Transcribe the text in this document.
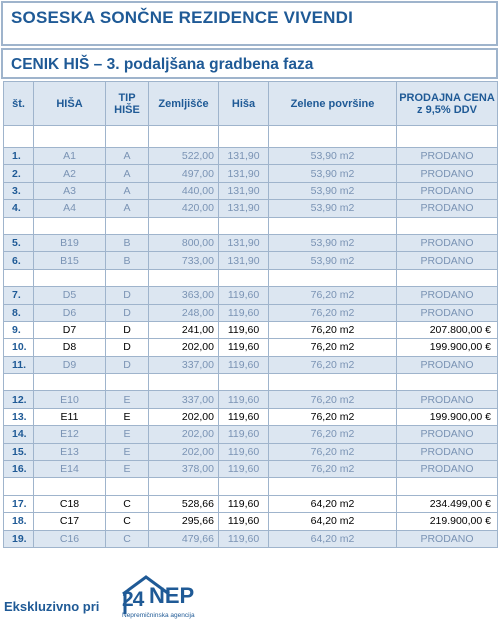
SOSESKA SONČNE REZIDENCE VIVENDI
CENIK HIŠ – 3. podaljšana gradbena faza
št.	HIŠA	TIP HIŠE	Zemljišče	Hiša	Zelene površine	PRODAJNA CENA z 9,5% DDV

1.	A1	A	522,00	131,90	53,90 m2	PRODANO
2.	A2	A	497,00	131,90	53,90 m2	PRODANO
3.	A3	A	440,00	131,90	53,90 m2	PRODANO
4.	A4	A	420,00	131,90	53,90 m2	PRODANO

5.	B19	B	800,00	131,90	53,90 m2	PRODANO
6.	B15	B	733,00	131,90	53,90 m2	PRODANO

7.	D5	D	363,00	119,60	76,20 m2	PRODANO
8.	D6	D	248,00	119,60	76,20 m2	PRODANO
9.	D7	D	241,00	119,60	76,20 m2	207.800,00 €
10.	D8	D	202,00	119,60	76,20 m2	199.900,00 €
11.	D9	D	337,00	119,60	76,20 m2	PRODANO

12.	E10	E	337,00	119,60	76,20 m2	PRODANO
13.	E11	E	202,00	119,60	76,20 m2	199.900,00 €
14.	E12	E	202,00	119,60	76,20 m2	PRODANO
15.	E13	E	202,00	119,60	76,20 m2	PRODANO
16.	E14	E	378,00	119,60	76,20 m2	PRODANO

17.	C18	C	528,66	119,60	64,20 m2	234.499,00 €
18.	C17	C	295,66	119,60	64,20 m2	219.900,00 €
19.	C16	C	479,66	119,60	64,20 m2	PRODANO
Ekskluzivno pri 24 NEP
Nepremičninska agencija
